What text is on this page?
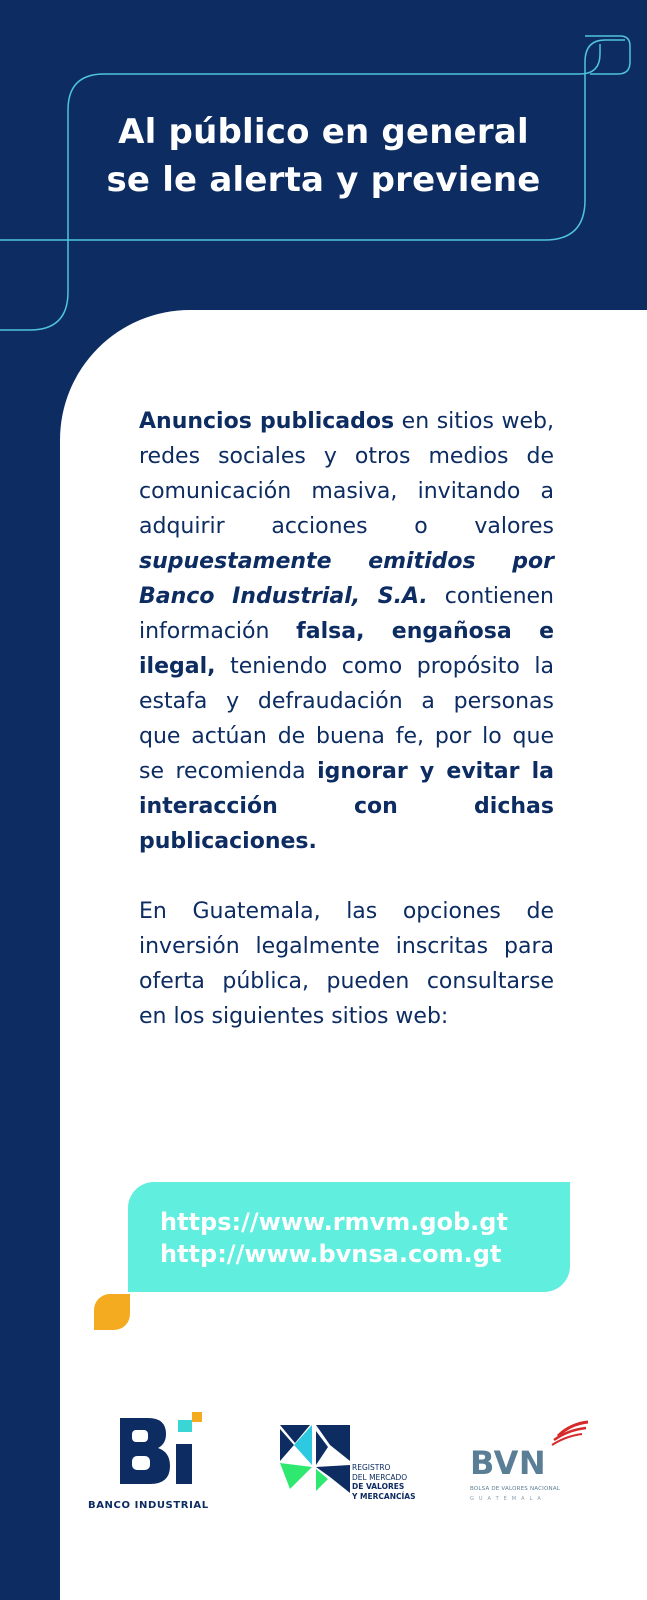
Al público en general
se le alerta y previene

Anuncios publicados en sitios web, redes sociales y otros medios de comunicación masiva, invitando a adquirir acciones o valores supuestamente emitidos por Banco Industrial, S.A. contienen información falsa, engañosa e ilegal, teniendo como propósito la estafa y defraudación a personas que actúan de buena fe, por lo que se recomienda ignorar y evitar la interacción con dichas publicaciones.

En Guatemala, las opciones de inversión legalmente inscritas para oferta pública, pueden consultarse en los siguientes sitios web:

https://www.rmvm.gob.gt
http://www.bvnsa.com.gt
BANCO INDUSTRIAL
REGISTRO
DEL MERCADO
DE VALORES
Y MERCANCÍAS
BVN
BOLSA DE VALORES NACIONAL
GUATEMALA
